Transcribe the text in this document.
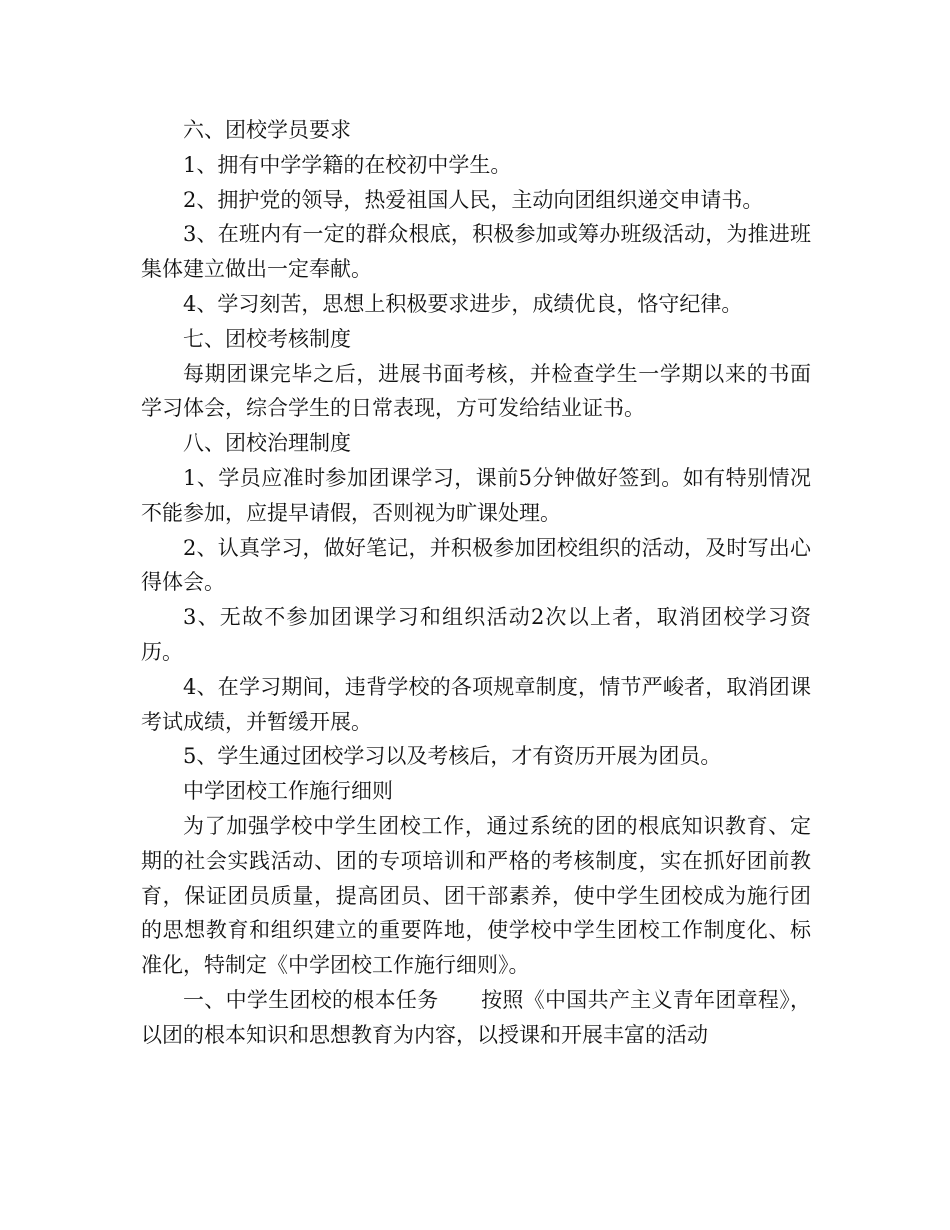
六、团校学员要求

1、拥有中学学籍的在校初中学生。

2、拥护党的领导，热爱祖国人民，主动向团组织递交申请书。

3、在班内有一定的群众根底，积极参加或筹办班级活动，为推进班集体建立做出一定奉献。

4、学习刻苦，思想上积极要求进步，成绩优良，恪守纪律。

七、团校考核制度

每期团课完毕之后，进展书面考核，并检查学生一学期以来的书面学习体会，综合学生的日常表现，方可发给结业证书。

八、团校治理制度

1、学员应准时参加团课学习，课前5分钟做好签到。如有特别情况不能参加，应提早请假，否则视为旷课处理。

2、认真学习，做好笔记，并积极参加团校组织的活动，及时写出心得体会。

3、无故不参加团课学习和组织活动2次以上者，取消团校学习资历。

4、在学习期间，违背学校的各项规章制度，情节严峻者，取消团课考试成绩，并暂缓开展。

5、学生通过团校学习以及考核后，才有资历开展为团员。

中学团校工作施行细则

为了加强学校中学生团校工作，通过系统的团的根底知识教育、定期的社会实践活动、团的专项培训和严格的考核制度，实在抓好团前教育，保证团员质量，提高团员、团干部素养，使中学生团校成为施行团的思想教育和组织建立的重要阵地，使学校中学生团校工作制度化、标准化，特制定《中学团校工作施行细则》。

一、中学生团校的根本任务　　按照《中国共产主义青年团章程》，以团的根本知识和思想教育为内容，以授课和开展丰富的活动
